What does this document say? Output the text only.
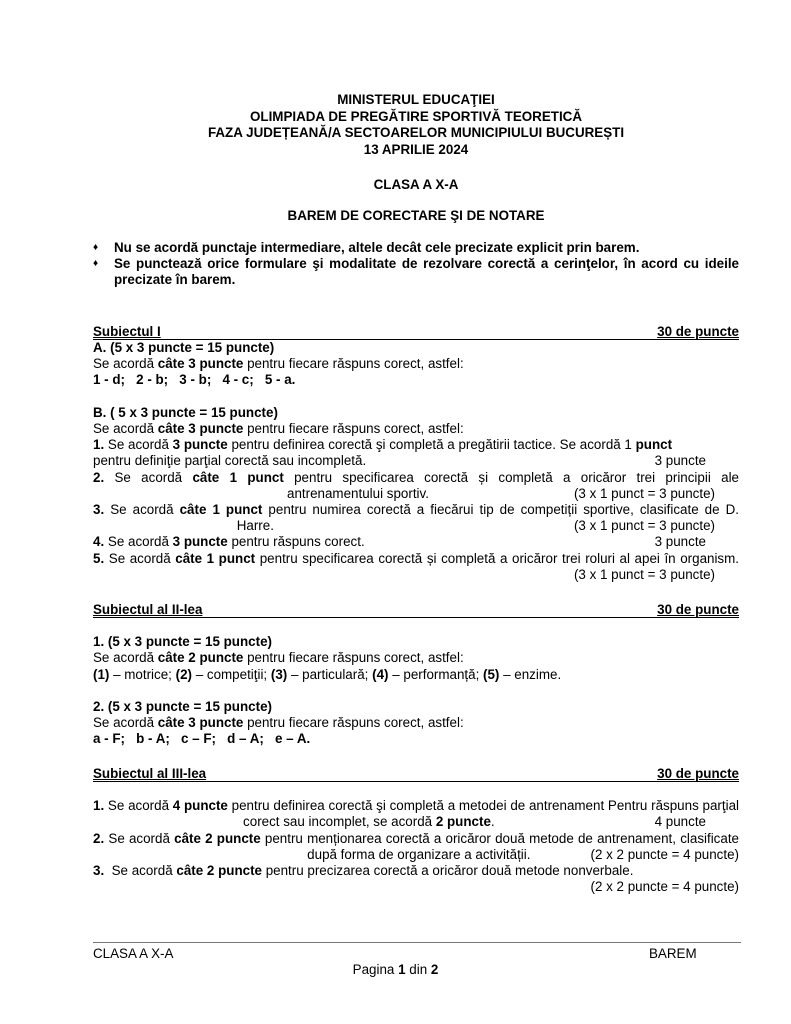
MINISTERUL EDUCAŢIEI
OLIMPIADA DE PREGĂTIRE SPORTIVĂ TEORETICĂ
FAZA JUDEȚEANĂ/A SECTOARELOR MUNICIPIULUI BUCUREȘTI
13 APRILIE 2024
CLASA A X-A
BAREM DE CORECTARE ŞI DE NOTARE
♦ Nu se acordă punctaje intermediare, altele decât cele precizate explicit prin barem.
♦ Se punctează orice formulare şi modalitate de rezolvare corectă a cerinţelor, în acord cu ideile precizate în barem.
Subiectul I	30 de puncte

A. (5 x 3 puncte = 15 puncte)

Se acordă câte 3 puncte pentru fiecare răspuns corect, astfel:

1 - d;   2 - b;   3 - b;   4 - c;   5 - a.

B. ( 5 x 3 puncte = 15 puncte)

Se acordă câte 3 puncte pentru fiecare răspuns corect, astfel:

1. Se acordă 3 puncte pentru definirea corectă şi completă a pregătirii tactice. Se acordă 1 punct

pentru definiţie parţial corectă sau incompletă.	3 puncte

2. Se acordă câte 1 punct pentru specificarea corectă și completă a oricăror trei principii ale antrenamentului sportiv.	(3 x 1 punct = 3 puncte)

3. Se acordă câte 1 punct pentru numirea corectă a fiecărui tip de competiții sportive, clasificate de D. Harre.	(3 x 1 punct = 3 puncte)

4. Se acordă 3 puncte pentru răspuns corect.	3 puncte

5. Se acordă câte 1 punct pentru specificarea corectă și completă a oricăror trei roluri al apei în organism.(3 x 1 punct = 3 puncte)

Subiectul al II-lea	30 de puncte

1. (5 x 3 puncte = 15 puncte)

Se acordă câte 2 puncte pentru fiecare răspuns corect, astfel:

(1) – motrice; (2) – competiţii; (3) – particulară; (4) – performanță; (5) – enzime.

2. (5 x 3 puncte = 15 puncte)

Se acordă câte 3 puncte pentru fiecare răspuns corect, astfel:

a - F;   b - A;   c – F;   d – A;   e – A.

Subiectul al III-lea	30 de puncte

1. Se acordă 4 puncte pentru definirea corectă şi completă a metodei de antrenament Pentru răspuns parţial corect sau incomplet, se acordă 2 puncte.	4 puncte

2. Se acordă câte 2 puncte pentru menționarea corectă a oricăror două metode de antrenament, clasificate după forma de organizare a activității.	(2 x 2 puncte = 4 puncte)

3.  Se acordă câte 2 puncte pentru precizarea corectă a oricăror două metode nonverbale.

(2 x 2 puncte = 4 puncte)
CLASA A X-A	BAREM
Pagina 1 din 2
